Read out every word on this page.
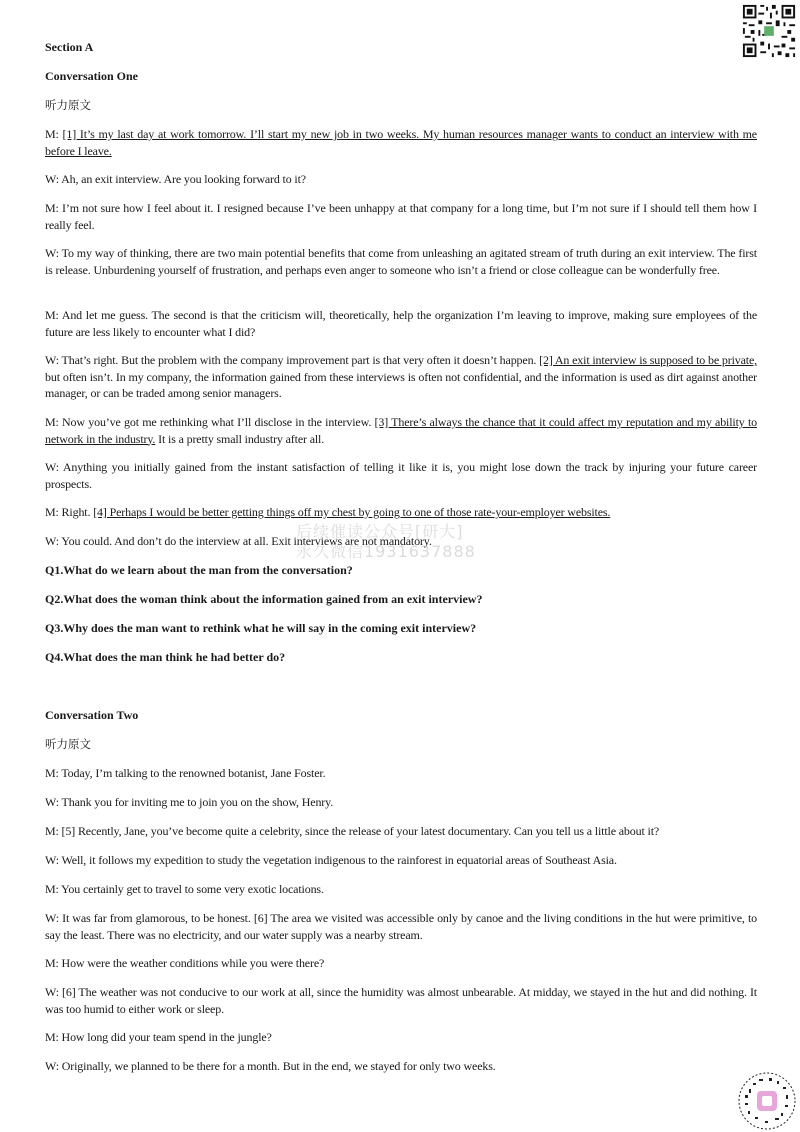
Section A

Conversation One

听力原文

M: [1] It’s my last day at work tomorrow. I’ll start my new job in two weeks. My human resources manager wants to conduct an interview with me before I leave.

W: Ah, an exit interview. Are you looking forward to it?

M: I’m not sure how I feel about it. I resigned because I’ve been unhappy at that company for a long time, but I’m not sure if I should tell them how I really feel.

W: To my way of thinking, there are two main potential benefits that come from unleashing an agitated stream of truth during an exit interview. The first is release. Unburdening yourself of frustration, and perhaps even anger to someone who isn’t a friend or close colleague can be wonderfully free.

M: And let me guess. The second is that the criticism will, theoretically, help the organization I’m leaving to improve, making sure employees of the future are less likely to encounter what I did?

W: That’s right. But the problem with the company improvement part is that very often it doesn’t happen. [2] An exit interview is supposed to be private, but often isn’t. In my company, the information gained from these interviews is often not confidential, and the information is used as dirt against another manager, or can be traded among senior managers.

M: Now you’ve got me rethinking what I’ll disclose in the interview. [3] There’s always the chance that it could affect my reputation and my ability to network in the industry. It is a pretty small industry after all.

W: Anything you initially gained from the instant satisfaction of telling it like it is, you might lose down the track by injuring your future career prospects.

M: Right. [4] Perhaps I would be better getting things off my chest by going to one of those rate-your-employer websites.

W: You could. And don’t do the interview at all. Exit interviews are not mandatory.

Q1.What do we learn about the man from the conversation?

Q2.What does the woman think about the information gained from an exit interview?

Q3.Why does the man want to rethink what he will say in the coming exit interview?

Q4.What does the man think he had better do?

Conversation Two

听力原文

M: Today, I’m talking to the renowned botanist, Jane Foster.

W: Thank you for inviting me to join you on the show, Henry.

M: [5] Recently, Jane, you’ve become quite a celebrity, since the release of your latest documentary. Can you tell us a little about it?

W: Well, it follows my expedition to study the vegetation indigenous to the rainforest in equatorial areas of Southeast Asia.

M: You certainly get to travel to some very exotic locations.

W: It was far from glamorous, to be honest. [6] The area we visited was accessible only by canoe and the living conditions in the hut were primitive, to say the least. There was no electricity, and our water supply was a nearby stream.

M: How were the weather conditions while you were there?

W: [6] The weather was not conducive to our work at all, since the humidity was almost unbearable. At midday, we stayed in the hut and did nothing. It was too humid to either work or sleep.

M: How long did your team spend in the jungle?

W: Originally, we planned to be there for a month. But in the end, we stayed for only two weeks.

后续催读公众号[研大]
永久微信1931637888
